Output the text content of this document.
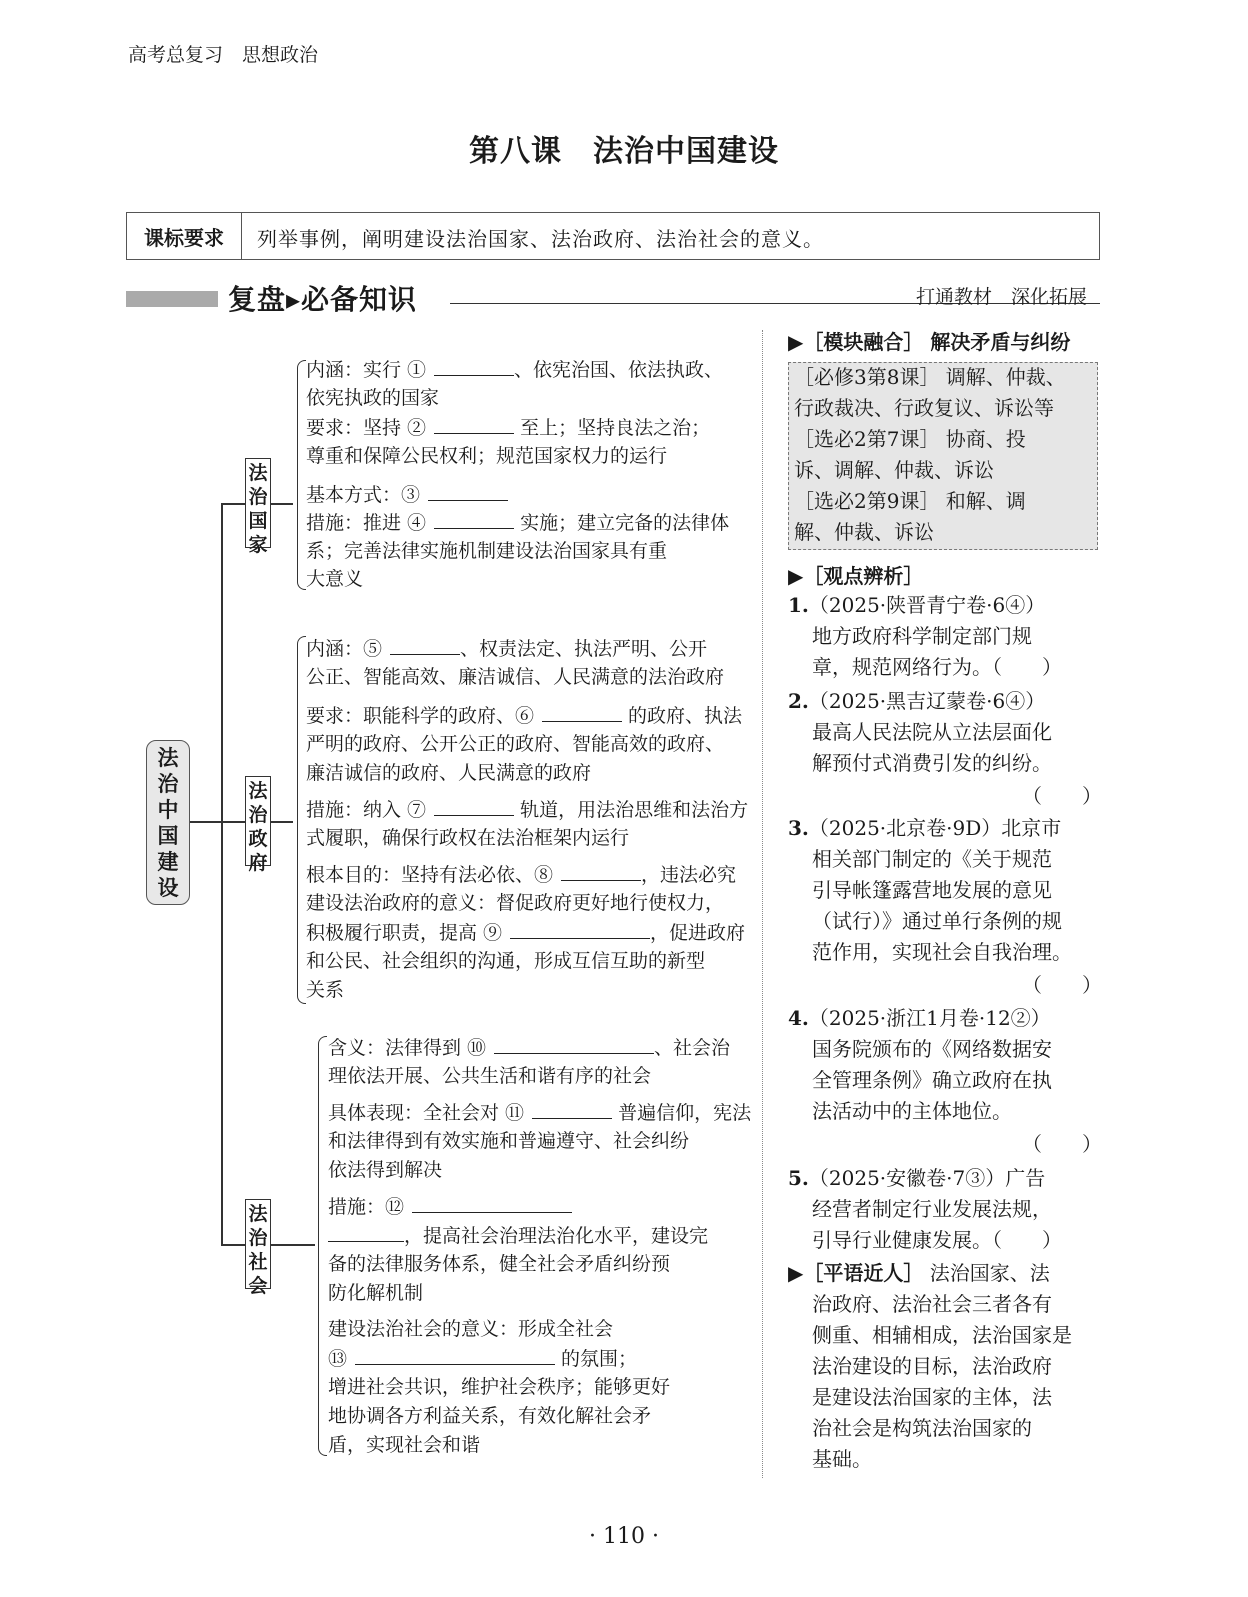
高考总复习　思想政治
第八课　法治中国建设
课标要求	列举事例，阐明建设法治国家、法治政府、法治社会的意义。
复盘▸必备知识	打通教材　深化拓展
法
治
中
国
建
设
法
治
国
家
法
治
政
府
法
治
社
会
内涵：实行 ①	、依宪治国、依法执政、
依宪执政的国家
要求：坚持 ②	至上；坚持良法之治；
尊重和保障公民权利；规范国家权力的运行
基本方式：③
措施：推进 ④	实施；建立完备的法律体
系；完善法律实施机制建设法治国家具有重
大意义
内涵：⑤	、权责法定、执法严明、公开
公正、智能高效、廉洁诚信、人民满意的法治政府
要求：职能科学的政府、⑥	的政府、执法
严明的政府、公开公正的政府、智能高效的政府、
廉洁诚信的政府、人民满意的政府
措施：纳入 ⑦	轨道，用法治思维和法治方
式履职，确保行政权在法治框架内运行
根本目的：坚持有法必依、⑧	，违法必究
建设法治政府的意义：督促政府更好地行使权力，
积极履行职责，提高 ⑨	，促进政府
和公民、社会组织的沟通，形成互信互助的新型
关系
含义：法律得到 ⑩	、社会治
理依法开展、公共生活和谐有序的社会
具体表现：全社会对 ⑪	普遍信仰，宪法
和法律得到有效实施和普遍遵守、社会纠纷
依法得到解决
措施：⑫
，提高社会治理法治化水平，建设完
备的法律服务体系，健全社会矛盾纠纷预
防化解机制
建设法治社会的意义：形成全社会
⑬	的氛围；
增进社会共识，维护社会秩序；能够更好
地协调各方利益关系，有效化解社会矛
盾，实现社会和谐
▶［模块融合］ 解决矛盾与纠纷
［必修3第8课］ 调解、仲裁、
行政裁决、行政复议、诉讼等
［选必2第7课］ 协商、投
诉、调解、仲裁、诉讼
［选必2第9课］ 和解、调
解、仲裁、诉讼
▶［观点辨析］
1.（2025·陕晋青宁卷·6④）
地方政府科学制定部门规
章，规范网络行为。（　　）
2.（2025·黑吉辽蒙卷·6④）
最高人民法院从立法层面化
解预付式消费引发的纠纷。
（　　）
3.（2025·北京卷·9D）北京市
相关部门制定的《关于规范
引导帐篷露营地发展的意见
（试行）》通过单行条例的规
范作用，实现社会自我治理。
（　　）
4.（2025·浙江1月卷·12②）
国务院颁布的《网络数据安
全管理条例》确立政府在执
法活动中的主体地位。
（　　）
5.（2025·安徽卷·7③）广告
经营者制定行业发展法规，
引导行业健康发展。（　　）
▶［平语近人］ 法治国家、法
治政府、法治社会三者各有
侧重、相辅相成，法治国家是
法治建设的目标，法治政府
是建设法治国家的主体，法
治社会是构筑法治国家的
基础。
· 110 ·
